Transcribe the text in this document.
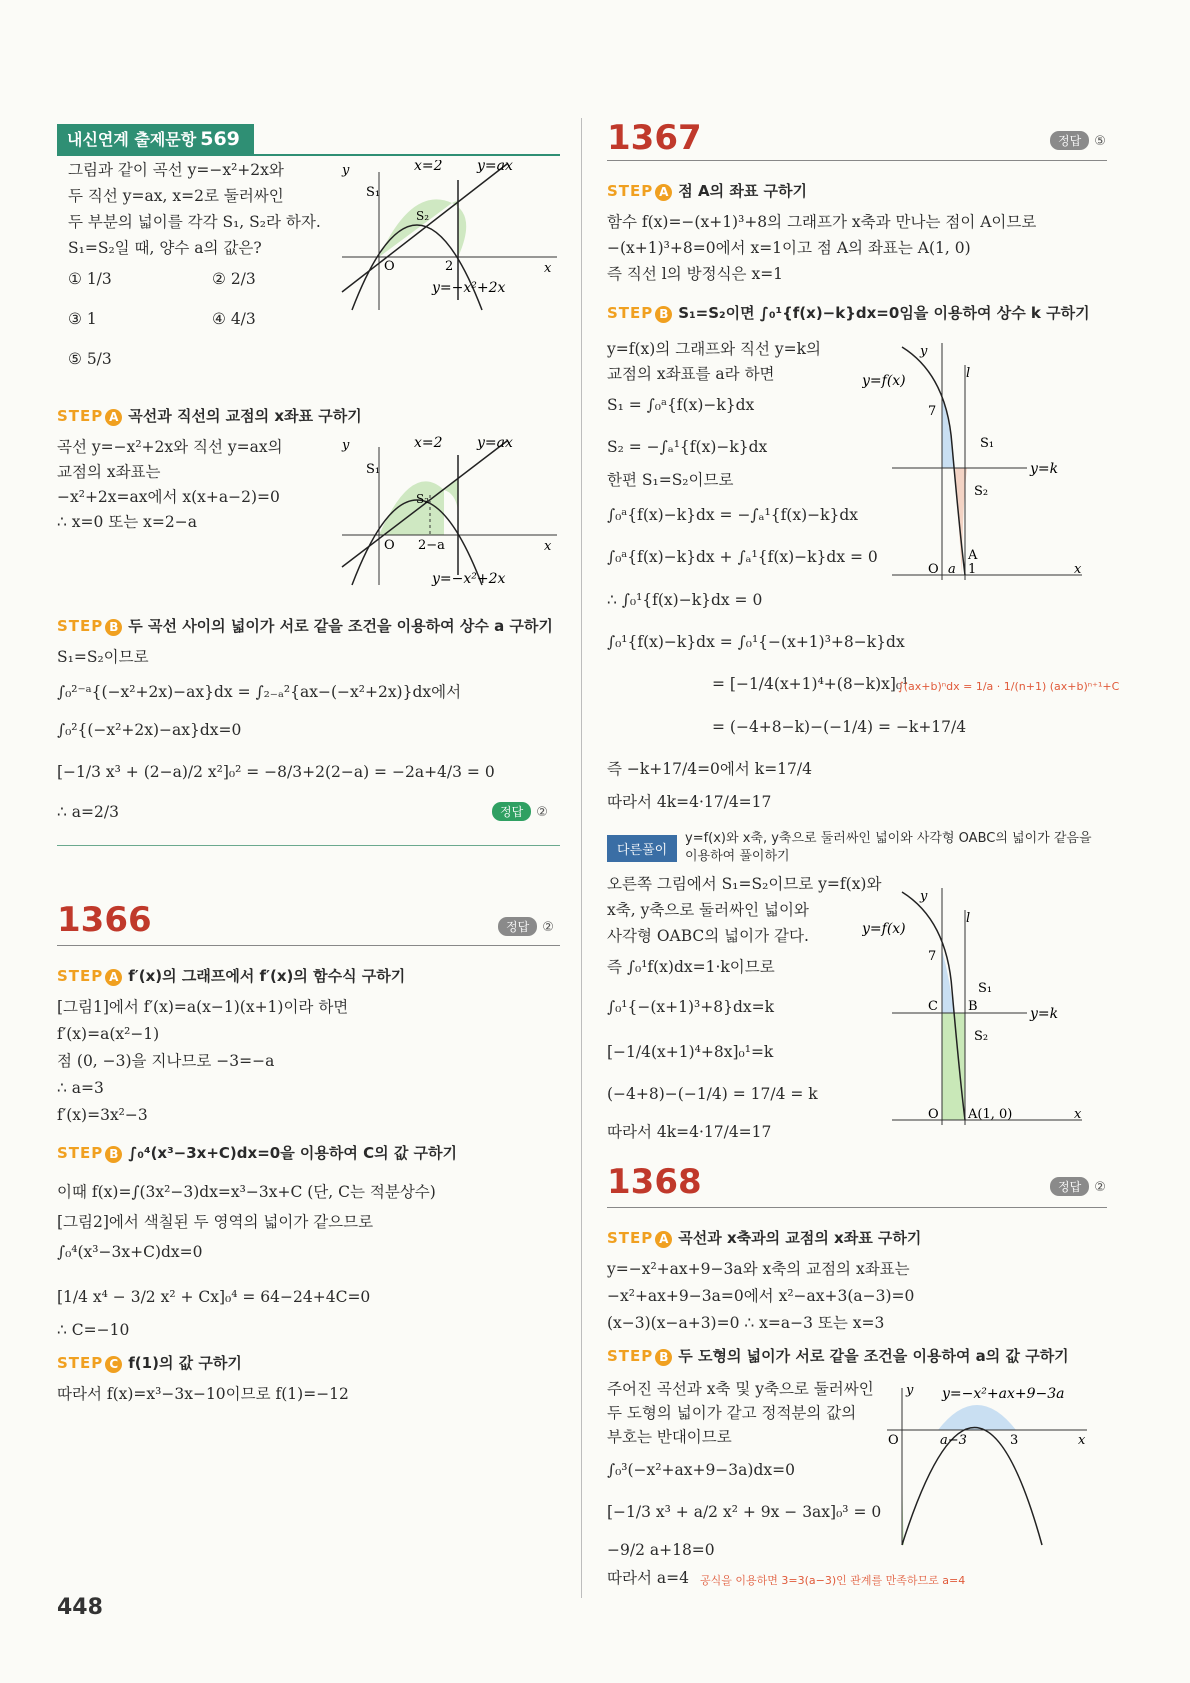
내신연계 출제문항 569
그림과 같이 곡선 y=−x²+2x와
두 직선 y=ax, x=2로 둘러싸인
두 부분의 넓이를 각각 S₁, S₂라 하자.
S₁=S₂일 때, 양수 a의 값은?
① 1/3	② 2/3
③ 1	④ 4/3
⑤ 5/3
y
x
x=2 y=ax
y=−x²+2x
S₁
S₂
O	2
STEP A 곡선과 직선의 교점의 x좌표 구하기
곡선 y=−x²+2x와 직선 y=ax의
교점의 x좌표는
−x²+2x=ax에서 x(x+a−2)=0
∴ x=0 또는 x=2−a
y
x
x=2 y=ax
y=−x²+2x
S₁
S₂
O 2−a
STEP B 두 곡선 사이의 넓이가 서로 같을 조건을 이용하여 상수 a 구하기
S₁=S₂이므로
∫₀²⁻ᵃ{(−x²+2x)−ax}dx = ∫₂₋ₐ²{ax−(−x²+2x)}dx에서
∫₀²{(−x²+2x)−ax}dx=0
[−1/3 x³ + (2−a)/2 x²]₀² = −8/3+2(2−a) = −2a+4/3 = 0
∴ a=2/3	정답 ②
1366	정답 ②
STEP A f′(x)의 그래프에서 f′(x)의 함수식 구하기
[그림1]에서 f′(x)=a(x−1)(x+1)이라 하면
f′(x)=a(x²−1)
점 (0, −3)을 지나므로 −3=−a
∴ a=3
f′(x)=3x²−3
STEP B ∫₀⁴(x³−3x+C)dx=0을 이용하여 C의 값 구하기
이때 f(x)=∫(3x²−3)dx=x³−3x+C (단, C는 적분상수)
[그림2]에서 색칠된 두 영역의 넓이가 같으므로
∫₀⁴(x³−3x+C)dx=0
[1/4 x⁴ − 3/2 x² + Cx]₀⁴ = 64−24+4C=0
∴ C=−10
STEP C f(1)의 값 구하기
따라서 f(x)=x³−3x−10이므로 f(1)=−12
448
1367	정답 ⑤
STEP A 점 A의 좌표 구하기
함수 f(x)=−(x+1)³+8의 그래프가 x축과 만나는 점이 A이므로
−(x+1)³+8=0에서 x=1이고 점 A의 좌표는 A(1, 0)
즉 직선 l의 방정식은 x=1
STEP B S₁=S₂이면 ∫₀¹{f(x)−k}dx=0임을 이용하여 상수 k 구하기
y=f(x)의 그래프와 직선 y=k의
교점의 x좌표를 a라 하면
S₁ = ∫₀ᵃ{f(x)−k}dx
S₂ = −∫ₐ¹{f(x)−k}dx
한편 S₁=S₂이므로
∫₀ᵃ{f(x)−k}dx = −∫ₐ¹{f(x)−k}dx
∫₀ᵃ{f(x)−k}dx + ∫ₐ¹{f(x)−k}dx = 0
∴ ∫₀¹{f(x)−k}dx = 0
∫₀¹{f(x)−k}dx = ∫₀¹{−(x+1)³+8−k}dx
= [−1/4(x+1)⁴+(8−k)x]₀¹
∫(ax+b)ⁿdx = 1/a · 1/(n+1) (ax+b)ⁿ⁺¹+C
= (−4+8−k)−(−1/4) = −k+17/4
즉 −k+17/4=0에서 k=17/4
따라서 4k=4·17/4=17
y
x
y=f(x)	l
7
S₁
S₂
y=k
O a 1
A
다른풀이
y=f(x)와 x축, y축으로 둘러싸인 넓이와 사각형 OABC의 넓이가 같음을 이용하여 풀이하기
오른쪽 그림에서 S₁=S₂이므로 y=f(x)와
x축, y축으로 둘러싸인 넓이와
사각형 OABC의 넓이가 같다.
즉 ∫₀¹f(x)dx=1·k이므로
∫₀¹{−(x+1)³+8}dx=k
[−1/4(x+1)⁴+8x]₀¹=k
(−4+8)−(−1/4) = 17/4 = k
따라서 4k=4·17/4=17
y
x
y=f(x)
l
7
S₁
S₂
y=k
O
C B
A(1, 0)
1368	정답 ②
STEP A 곡선과 x축과의 교점의 x좌표 구하기
y=−x²+ax+9−3a와 x축의 교점의 x좌표는
−x²+ax+9−3a=0에서 x²−ax+3(a−3)=0
(x−3)(x−a+3)=0 ∴ x=a−3 또는 x=3
STEP B 두 도형의 넓이가 서로 같을 조건을 이용하여 a의 값 구하기
주어진 곡선과 x축 및 y축으로 둘러싸인
두 도형의 넓이가 같고 정적분의 값의
부호는 반대이므로
∫₀³(−x²+ax+9−3a)dx=0
[−1/3 x³ + a/2 x² + 9x − 3ax]₀³ = 0
−9/2 a+18=0
따라서 a=4 공식을 이용하면 3=3(a−3)인 관계를 만족하므로 a=4
y
x
y=−x²+ax+9−3a
O	a−3	3
